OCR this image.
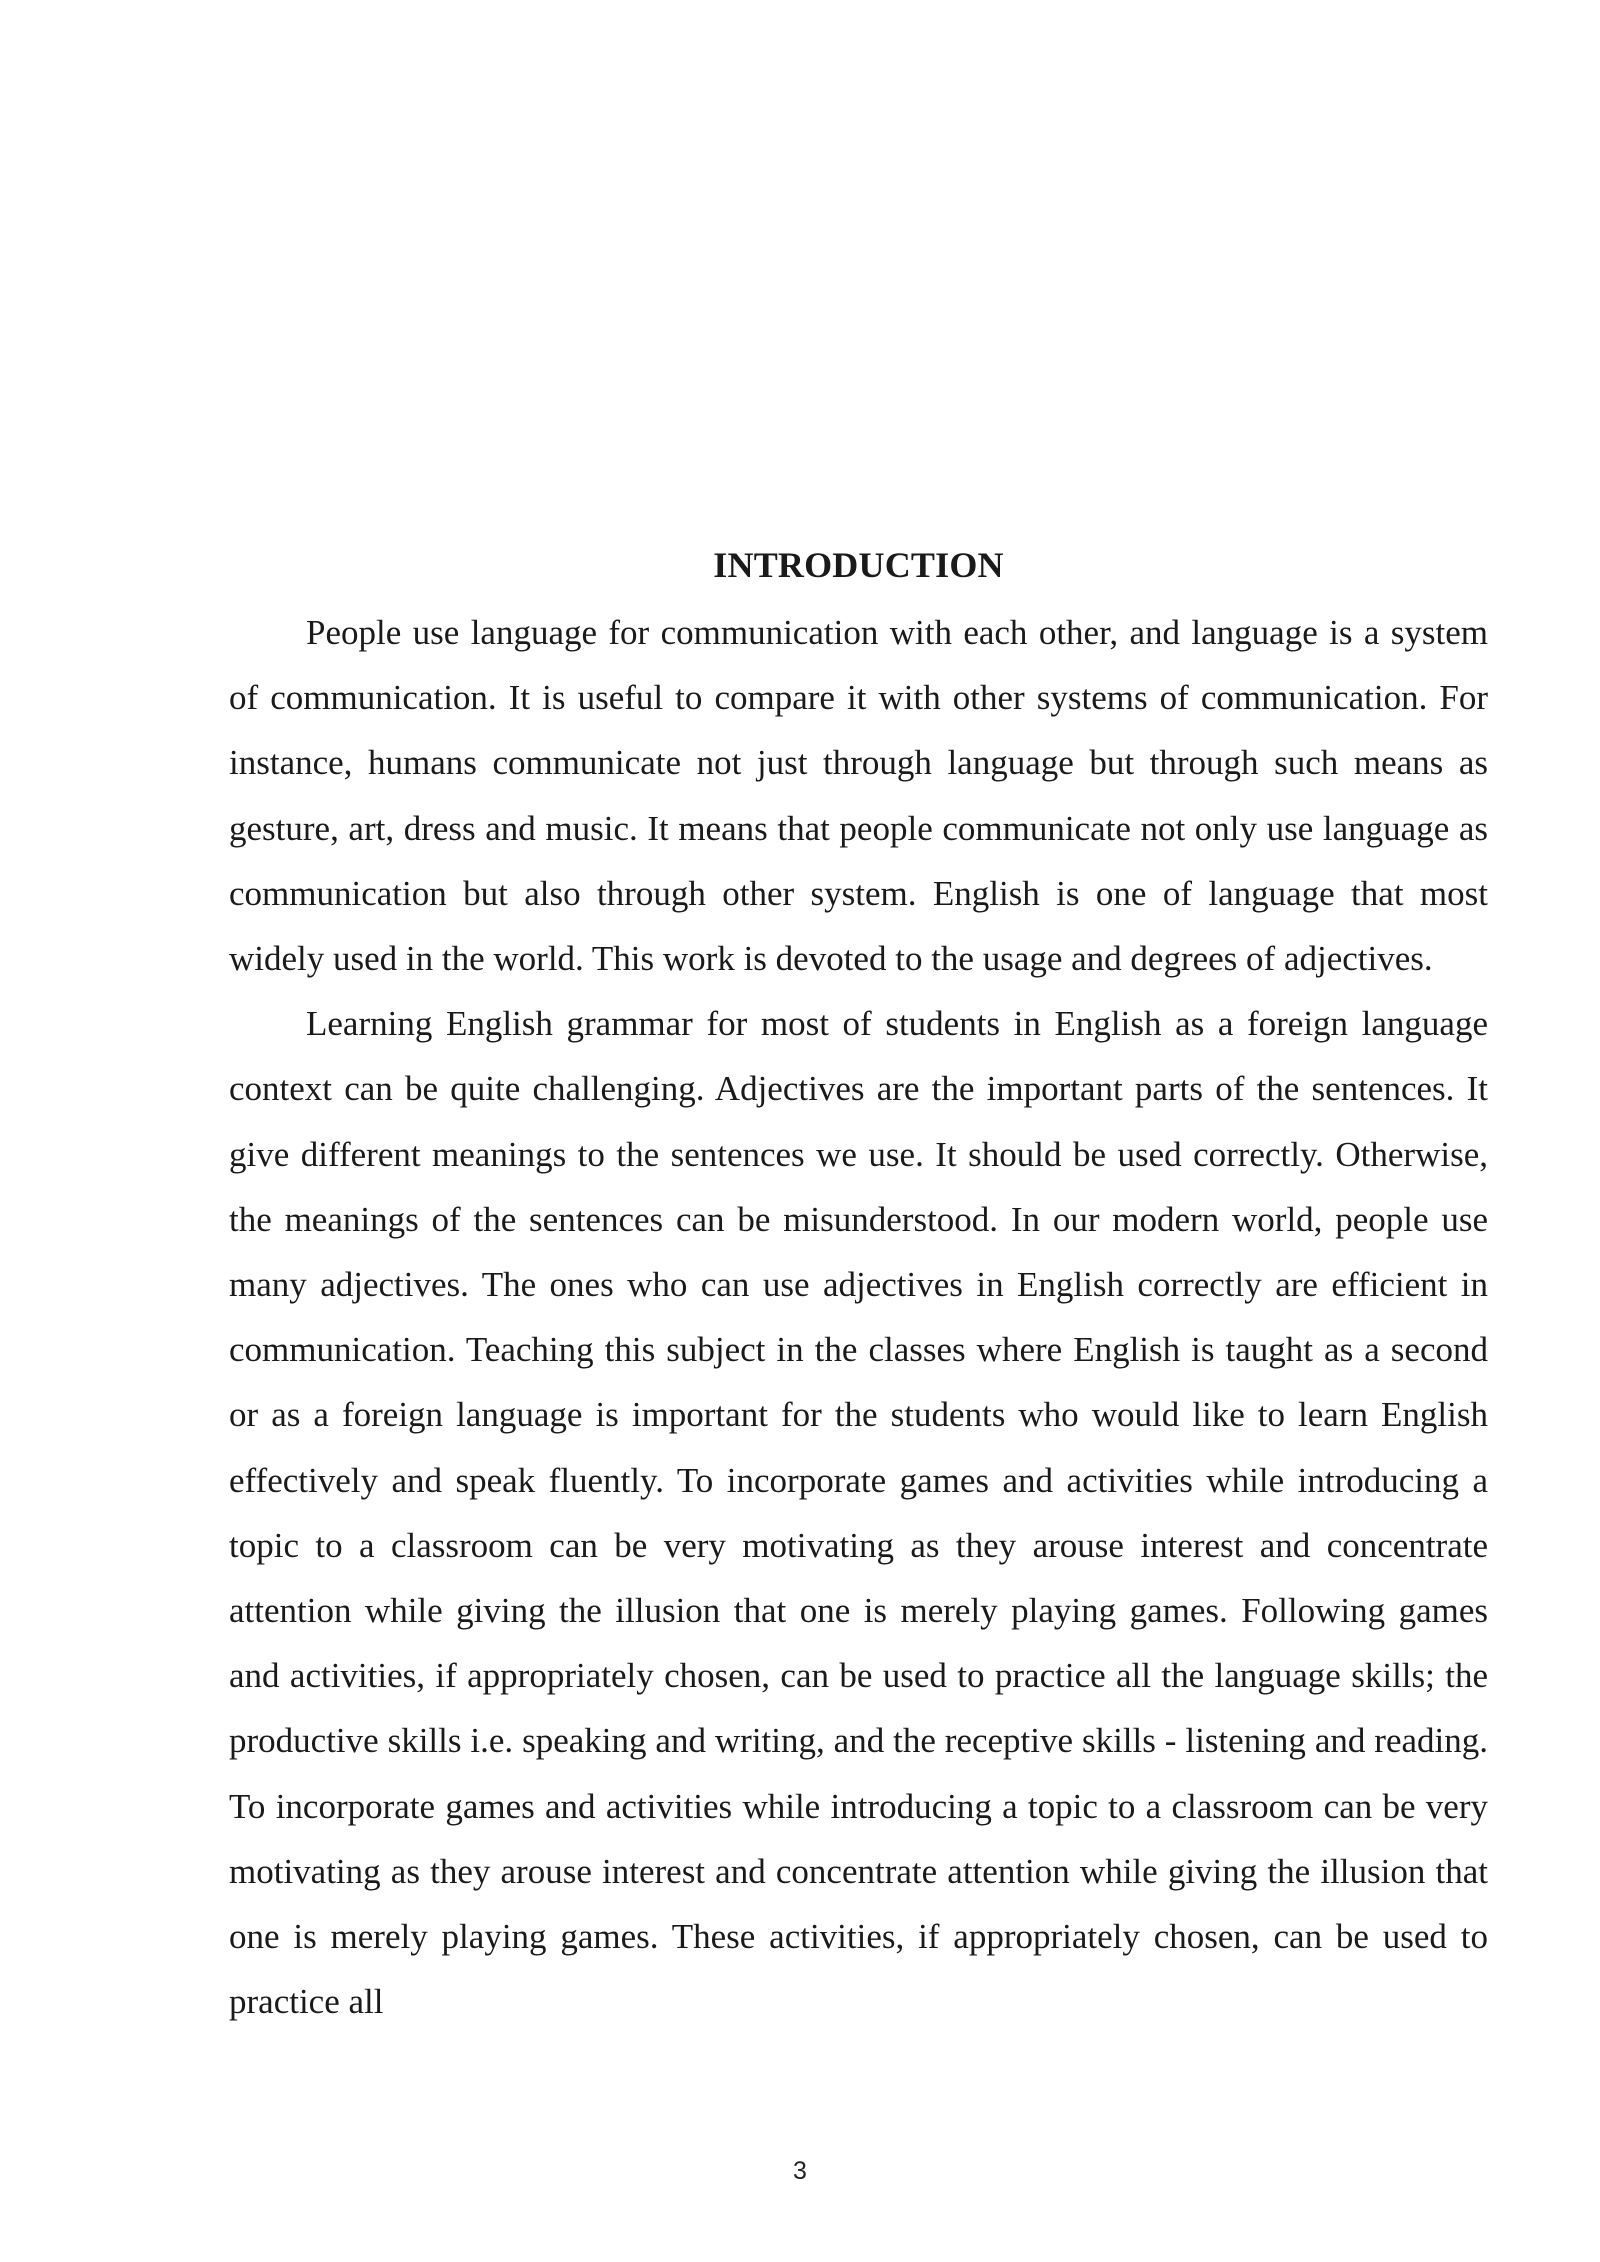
INTRODUCTION

People use language for communication with each other, and language is a system of communication. It is useful to compare it with other systems of communication. For instance, humans communicate not just through language but through such means as gesture, art, dress and music. It means that people communicate not only use language as communication but also through other system. English is one of language that most widely used in the world. This work is devoted to the usage and degrees of adjectives.

Learning English grammar for most of students in English as a foreign language context can be quite challenging. Adjectives are the important parts of the sentences. It give different meanings to the sentences we use. It should be used correctly. Otherwise, the meanings of the sentences can be misunderstood. In our modern world, people use many adjectives. The ones who can use adjectives in English correctly are efficient in communication. Teaching this subject in the classes where English is taught as a second or as a foreign language is important for the students who would like to learn English effectively and speak fluently. To incorporate games and activities while introducing a topic to a classroom can be very motivating as they arouse interest and concentrate attention while giving the illusion that one is merely playing games. Following games and activities, if appropriately chosen, can be used to practice all the language skills; the productive skills i.e. speaking and writing, and the receptive skills - listening and reading. To incorporate games and activities while introducing a topic to a classroom can be very motivating as they arouse interest and concentrate attention while giving the illusion that one is merely playing games. These activities, if appropriately chosen, can be used to practice all

3
